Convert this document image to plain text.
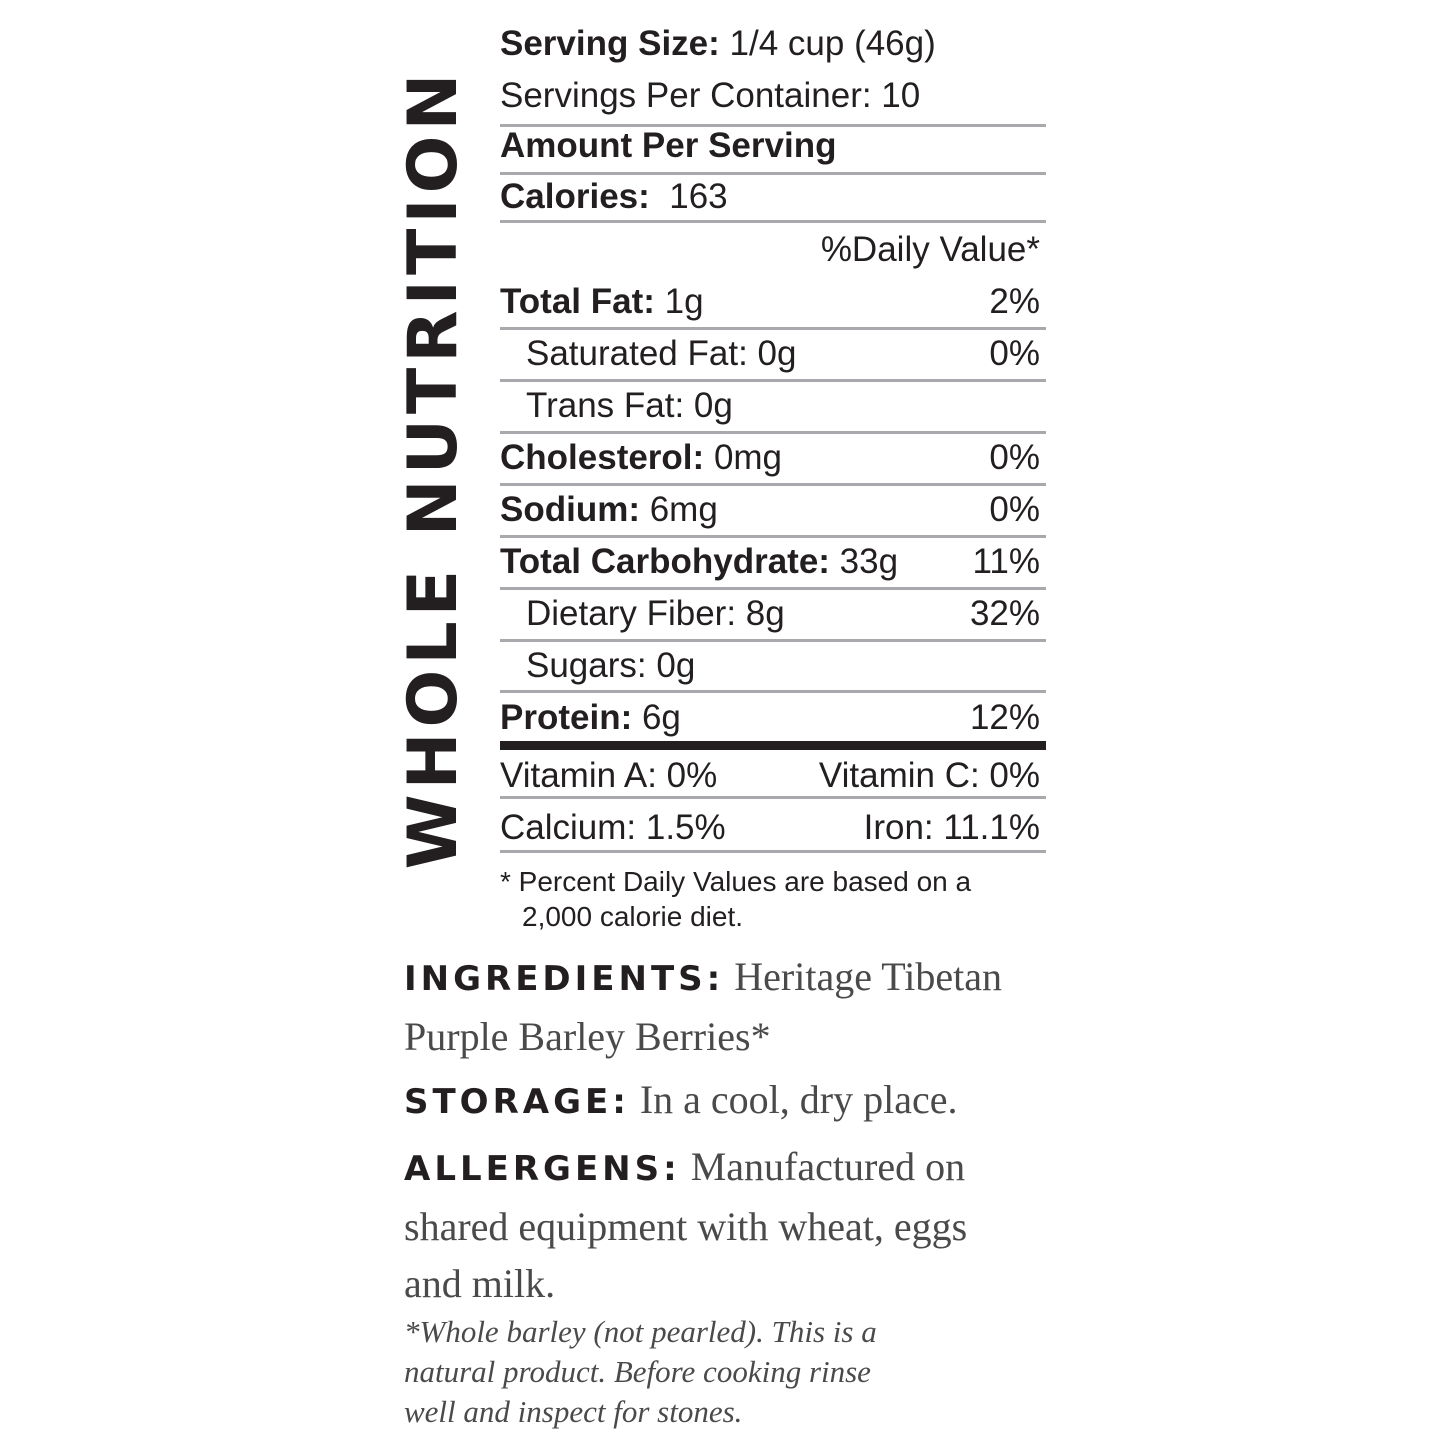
WHOLE NUTRITION
Serving Size: 1/4 cup (46g)
Servings Per Container: 10
Amount Per Serving
Calories: 163
%Daily Value*
Total Fat: 1g	2%
Saturated Fat: 0g	0%
Trans Fat: 0g
Cholesterol: 0mg	0%
Sodium: 6mg	0%
Total Carbohydrate: 33g 11%
Dietary Fiber: 8g	32%
Sugars: 0g
Protein: 6g	12%
Vitamin A: 0%	Vitamin C: 0%
Calcium: 1.5%	Iron: 11.1%
* Percent Daily Values are based on a
2,000 calorie diet.
INGREDIENTS: Heritage Tibetan
Purple Barley Berries*
STORAGE: In a cool, dry place.
ALLERGENS: Manufactured on
shared equipment with wheat, eggs
and milk.
*Whole barley (not pearled). This is a
natural product. Before cooking rinse
well and inspect for stones.
